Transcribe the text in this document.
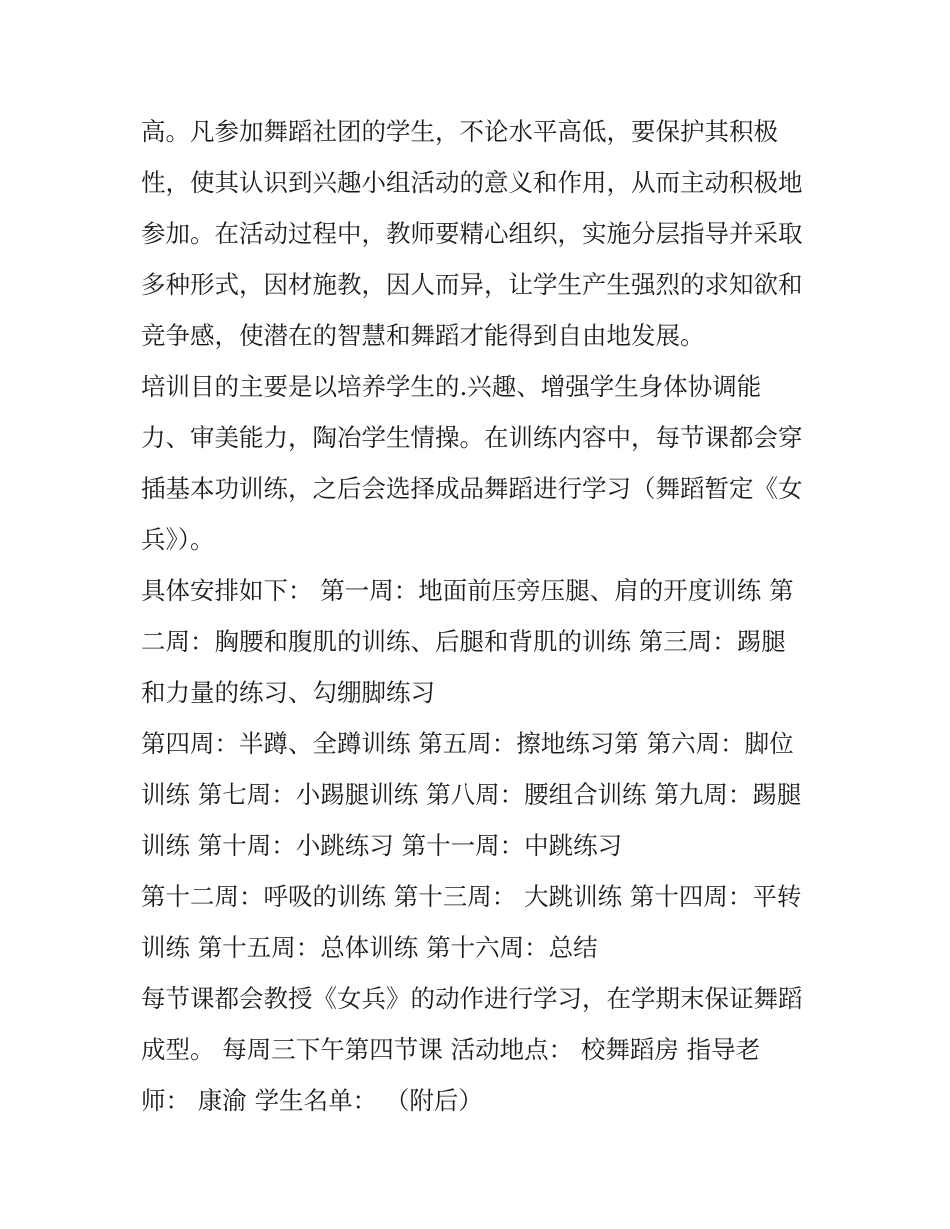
高。凡参加舞蹈社团的学生，不论水平高低，要保护其积极
性，使其认识到兴趣小组活动的意义和作用，从而主动积极地
参加。在活动过程中，教师要精心组织，实施分层指导并采取
多种形式，因材施教，因人而异，让学生产生强烈的求知欲和
竞争感，使潜在的智慧和舞蹈才能得到自由地发展。
培训目的主要是以培养学生的.兴趣、增强学生身体协调能
力、审美能力，陶冶学生情操。在训练内容中，每节课都会穿
插基本功训练，之后会选择成品舞蹈进行学习（舞蹈暂定《女
兵》）。
具体安排如下： 第一周：地面前压旁压腿、肩的开度训练 第
二周：胸腰和腹肌的训练、后腿和背肌的训练 第三周：踢腿
和力量的练习、勾绷脚练习
第四周：半蹲、全蹲训练 第五周：擦地练习第 第六周：脚位
训练 第七周：小踢腿训练 第八周：腰组合训练 第九周：踢腿
训练 第十周：小跳练习 第十一周：中跳练习
第十二周：呼吸的训练 第十三周： 大跳训练 第十四周：平转
训练 第十五周：总体训练 第十六周：总结
每节课都会教授《女兵》的动作进行学习，在学期末保证舞蹈
成型。 每周三下午第四节课 活动地点： 校舞蹈房 指导老
师： 康渝 学生名单： （附后）
